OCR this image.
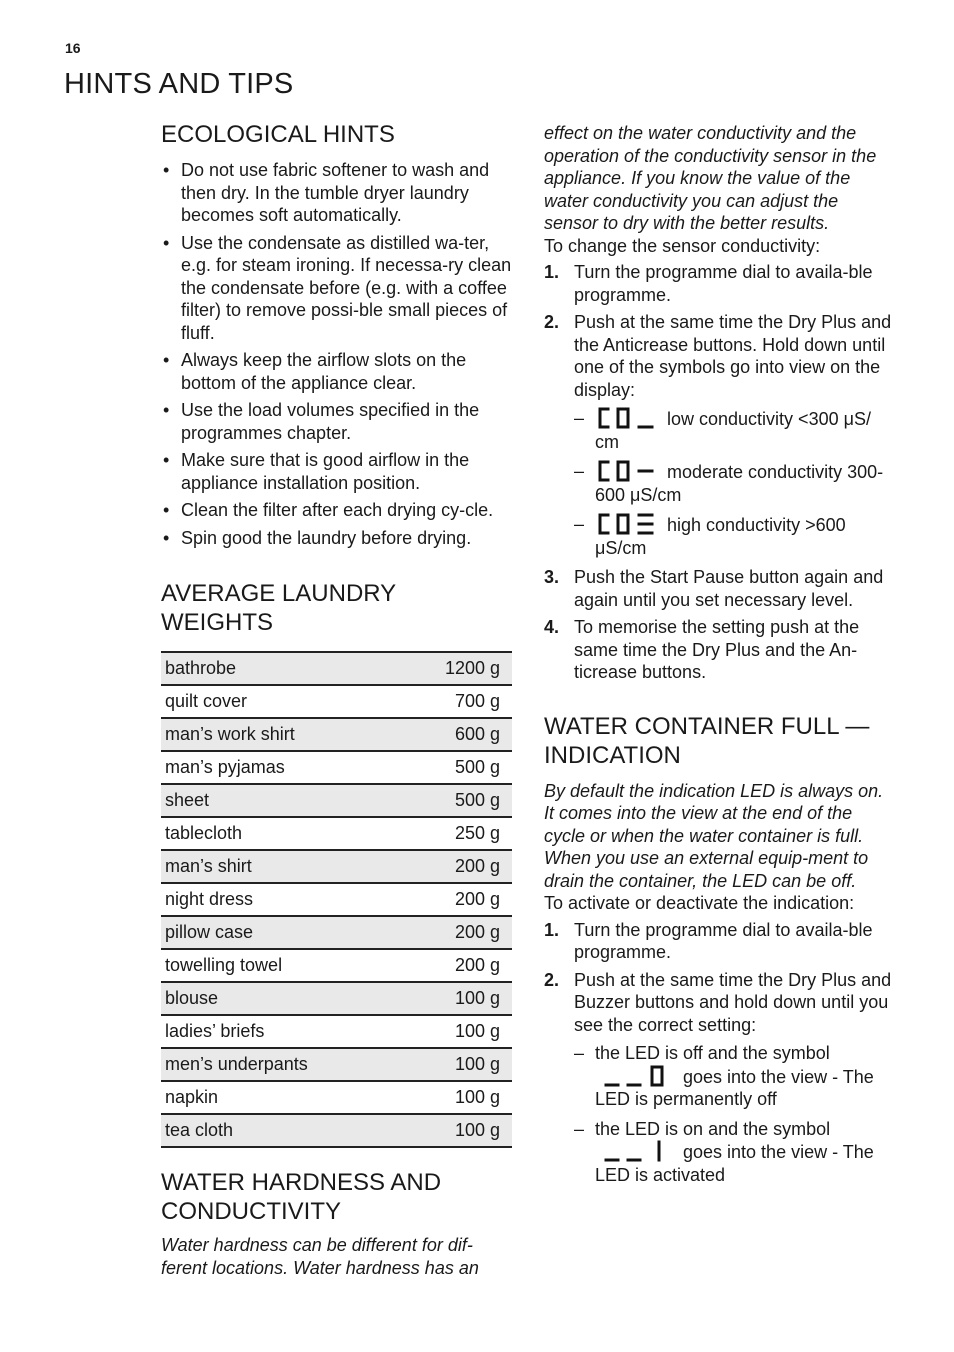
16
HINTS AND TIPS
ECOLOGICAL HINTS
• Do not use fabric softener to wash and then dry. In the tumble dryer laundry becomes soft automatically.
• Use the condensate as distilled wa-ter, e.g. for steam ironing. If necessa-ry clean the condensate before (e.g. with a coffee filter) to remove possi-ble small pieces of fluff.
• Always keep the airflow slots on the bottom of the appliance clear.
• Use the load volumes specified in the programmes chapter.
• Make sure that is good airflow in the appliance installation position.
• Clean the filter after each drying cy-cle.
• Spin good the laundry before drying.
AVERAGE LAUNDRY WEIGHTS
bathrobe	1200 g
quilt cover	700 g
man’s work shirt	600 g
man’s pyjamas	500 g
sheet	500 g
tablecloth	250 g
man’s shirt	200 g
night dress	200 g
pillow case	200 g
towelling towel	200 g
blouse	100 g
ladies’ briefs	100 g
men’s underpants	100 g
napkin	100 g
tea cloth	100 g
WATER HARDNESS AND CONDUCTIVITY
Water hardness can be different for dif-ferent locations. Water hardness has an
effect on the water conductivity and the operation of the conductivity sensor in the appliance. If you know the value of the water conductivity you can adjust the sensor to dry with the better results.
To change the sensor conductivity:
1. Turn the programme dial to availa-ble programme.
2. Push at the same time the Dry Plus and the Anticrease buttons. Hold down until one of the symbols go into view on the display:
–	low conductivity <300 μS/ cm
–	moderate conductivity 300-600 μS/cm
–	high conductivity >600 μS/cm
3. Push the Start Pause button again and again until you set necessary level.
4. To memorise the setting push at the same time the Dry Plus and the An-ticrease buttons.
WATER CONTAINER FULL — INDICATION
By default the indication LED is always on. It comes into the view at the end of the cycle or when the water container is full. When you use an external equip-ment to drain the container, the LED can be off.
To activate or deactivate the indication:
1. Turn the programme dial to availa-ble programme.
2. Push at the same time the Dry Plus and Buzzer buttons and hold down until you see the correct setting:
– the LED is off and the symbol
goes into the view - The LED is permanently off
– the LED is on and the symbol
goes into the view - The LED is activated
